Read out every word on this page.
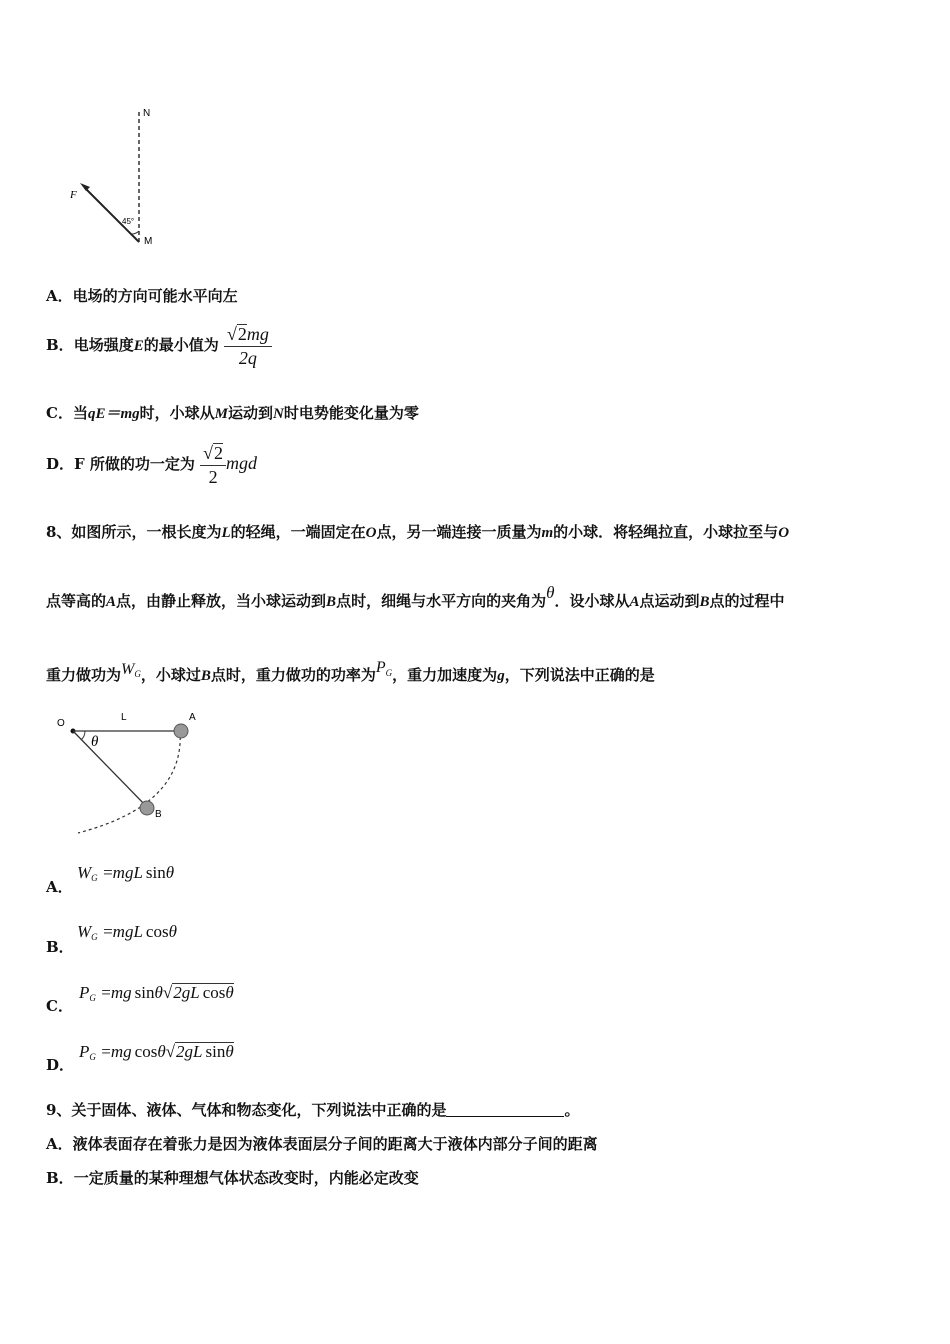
N
F
M
45°
A．电场的方向可能水平向左
B．电场强度E的最小值为 $\frac{√2mg}{2q}$
C．当qE＝mg时，小球从M运动到N时电势能变化量为零
D．F 所做的功一定为 $\frac{√2}{2}$ mgd
8、如图所示，一根长度为L的轻绳，一端固定在O点，另一端连接一质量为m的小球．将轻绳拉直，小球拉至与O
点等高的A点，由静止释放，当小球运动到B点时，细绳与水平方向的夹角为θ．设小球从A点运动到B点的过程中
重力做功为$W^G$，小球过B点时，重力做功的功率为$P^G$，重力加速度为g，下列说法中正确的是
O
L	A
θ
B
A．
$W_G =mgL$ sinθ
B．
$W_G =mgL$ cosθ
C．
$P_G =mg$ sinθ√2gL cosθ
D．
$P_G =mg$ cosθ√2gL sinθ
9、关于固体、液体、气体和物态变化，下列说法中正确的是	。
A．液体表面存在着张力是因为液体表面层分子间的距离大于液体内部分子间的距离
B．一定质量的某种理想气体状态改变时，内能必定改变
